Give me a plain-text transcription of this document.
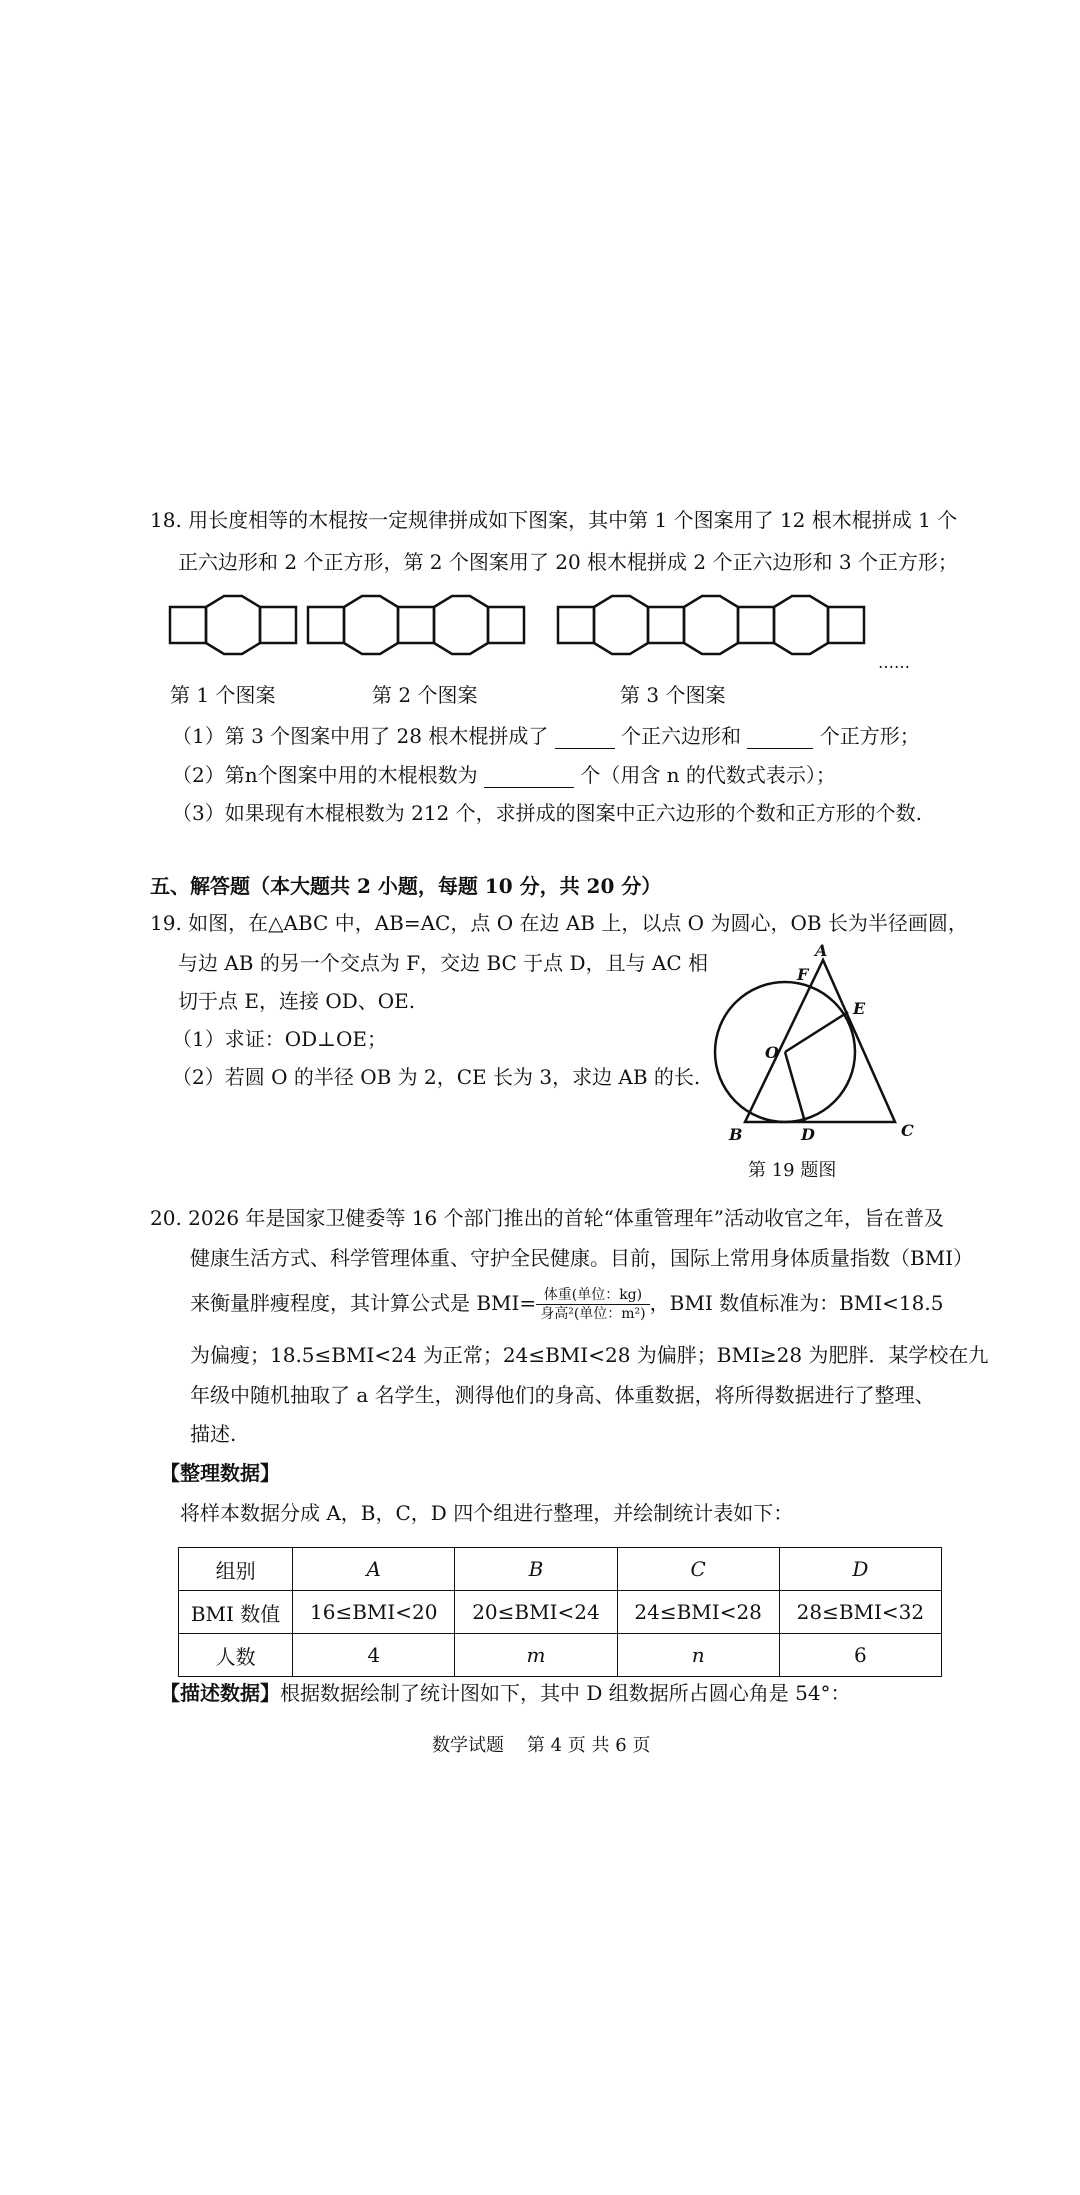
18. 用长度相等的木棍按一定规律拼成如下图案，其中第 1 个图案用了 12 根木棍拼成 1 个
正六边形和 2 个正方形，第 2 个图案用了 20 根木棍拼成 2 个正六边形和 3 个正方形；
……
第 1 个图案	第 2 个图案	第 3 个图案
（1）第 3 个图案中用了 28 根木棍拼成了	个正六边形和	个正方形；
（2）第n个图案中用的木棍根数为	个（用含 n 的代数式表示）；
（3）如果现有木棍根数为 212 个，求拼成的图案中正六边形的个数和正方形的个数.
五、解答题（本大题共 2 小题，每题 10 分，共 20 分）
19. 如图，在△ABC 中，AB=AC，点 O 在边 AB 上，以点 O 为圆心，OB 长为半径画圆，
与边 AB 的另一个交点为 F，交边 BC 于点 D，且与 AC 相
切于点 E，连接 OD、OE.
（1）求证：OD⊥OE；
（2）若圆 O 的半径 OB 为 2，CE 长为 3，求边 AB 的长.
A
F
E
O
B	D	C
第 19 题图
20. 2026 年是国家卫健委等 16 个部门推出的首轮“体重管理年”活动收官之年，旨在普及
健康生活方式、科学管理体重、守护全民健康。目前，国际上常用身体质量指数（BMI）
来衡量胖瘦程度，其计算公式是 $BMI= \frac{\text{体重(单位：kg)}}{\text{身高²(单位：m²)}}$ ，BMI 数值标准为：BMI<18.5
为偏瘦；18.5≤BMI<24 为正常；24≤BMI<28 为偏胖；BMI≥28 为肥胖．某学校在九
年级中随机抽取了 a 名学生，测得他们的身高、体重数据，将所得数据进行了整理、
描述.
【整理数据】
将样本数据分成 A，B，C，D 四个组进行整理，并绘制统计表如下：
组别	A	B	C	D
BMI 数值	16≤BMI<20	20≤BMI<24	24≤BMI<28	28≤BMI<32
人数	4	m	n	6
【描述数据】根据数据绘制了统计图如下，其中 D 组数据所占圆心角是 54°：
数学试题 第 4 页 共 6 页
